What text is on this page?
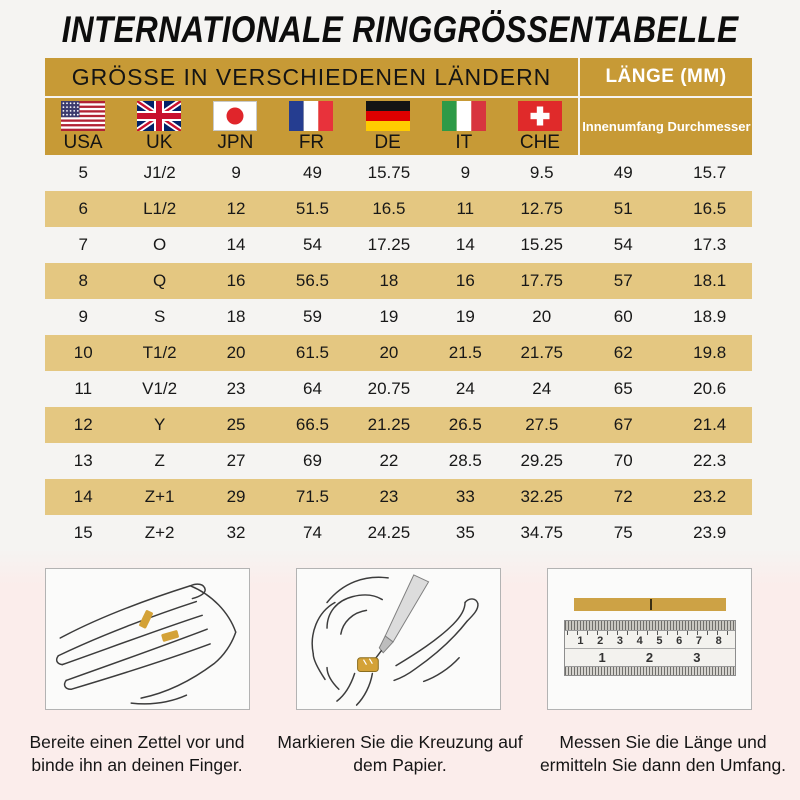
INTERNATIONALE RINGGRÖSSENTABELLE
GRÖSSE IN VERSCHIEDENEN LÄNDERN	LÄNGE (MM)
USA UK JPN FR	DE	IT	CHE
Innenumfang Durchmesser
5	J1/2	9	49	15.75	9	9.5	49	15.7
6	L1/2	12	51.5	16.5	11	12.75	51	16.5
7	O	14	54	17.25	14	15.25	54	17.3
8	Q	16	56.5	18	16	17.75	57	18.1
9	S	18	59	19	19	20	60	18.9
10	T1/2	20	61.5	20	21.5	21.75	62	19.8
11	V1/2	23	64	20.75	24	24	65	20.6
12	Y	25	66.5	21.25	26.5	27.5	67	21.4
13	Z	27	69	22	28.5	29.25	70	22.3
14	Z+1	29	71.5	23	33	32.25	72	23.2
15	Z+2	32	74	24.25	35	34.75	75	23.9
1 2 3 4 5 6 7 8
1	2	3
Bereite einen Zettel vor und binde ihn an deinen Finger.
Markieren Sie die Kreuzung auf dem Papier.
Messen Sie die Länge und ermitteln Sie dann den Umfang.
